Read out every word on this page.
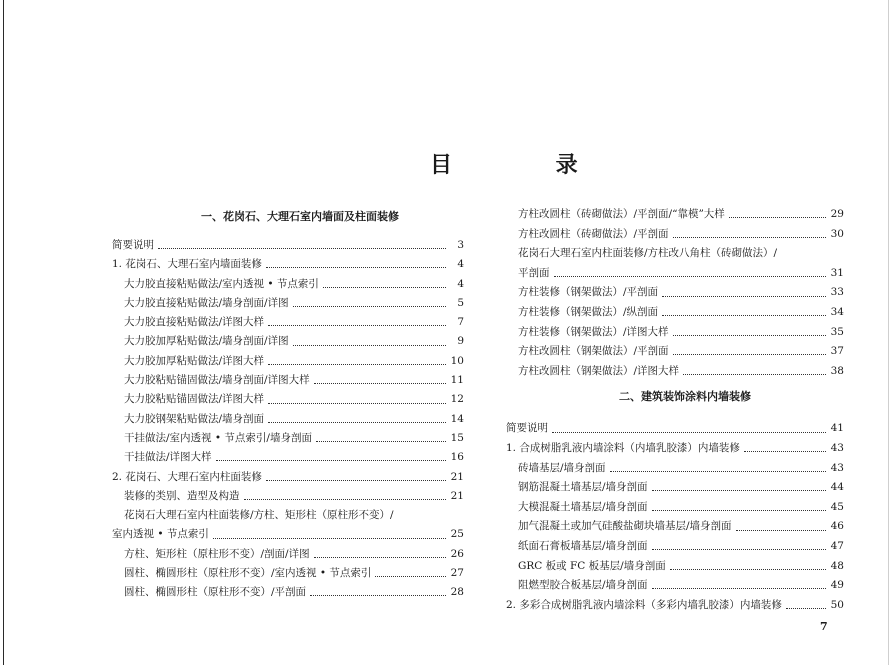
目 录
一、花岗石、大理石室内墙面及柱面装修
简要说明	3
1. 花岗石、大理石室内墙面装修	4
大力胶直接粘贴做法/室内透视 • 节点索引	4
大力胶直接粘贴做法/墙身剖面/详图	5
大力胶直接粘贴做法/详图大样	7
大力胶加厚粘贴做法/墙身剖面/详图	9
大力胶加厚粘贴做法/详图大样	10
大力胶粘贴锚固做法/墙身剖面/详图大样	11
大力胶粘贴锚固做法/详图大样	12
大力胶钢架粘贴做法/墙身剖面	14
干挂做法/室内透视 • 节点索引/墙身剖面	15
干挂做法/详图大样	16
2. 花岗石、大理石室内柱面装修	21
装修的类别、造型及构造	21
花岗石大理石室内柱面装修/方柱、矩形柱（原柱形不变）/
室内透视 • 节点索引	25
方柱、矩形柱（原柱形不变）/剖面/详图	26
圆柱、椭圆形柱（原柱形不变）/室内透视 • 节点索引	27
圆柱、椭圆形柱（原柱形不变）/平剖面	28
方柱改圆柱（砖砌做法）/平剖面/“靠模”大样	29
方柱改圆柱（砖砌做法）/平剖面	30
花岗石大理石室内柱面装修/方柱改八角柱（砖砌做法）/
平剖面	31
方柱装修（钢架做法）/平剖面	33
方柱装修（钢架做法）/纵剖面	34
方柱装修（钢架做法）/详图大样	35
方柱改圆柱（钢架做法）/平剖面	37
方柱改圆柱（钢架做法）/详图大样	38
二、建筑装饰涂料内墙装修
简要说明	41
1. 合成树脂乳液内墙涂料（内墙乳胶漆）内墙装修	43
砖墙基层/墙身剖面	43
钢筋混凝土墙基层/墙身剖面	44
大模混凝土墙基层/墙身剖面	45
加气混凝土或加气硅酸盐砌块墙基层/墙身剖面	46
纸面石膏板墙基层/墙身剖面	47
GRC 板或 FC 板基层/墙身剖面	48
阻燃型胶合板基层/墙身剖面	49
2. 多彩合成树脂乳液内墙涂料（多彩内墙乳胶漆）内墙装修	50
7
